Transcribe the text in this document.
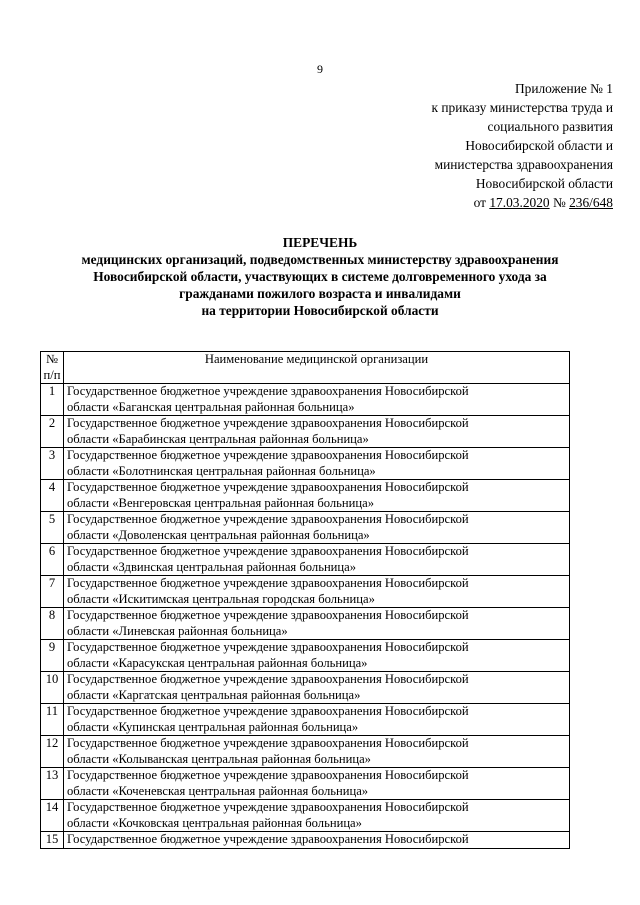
9
Приложение № 1
к приказу министерства труда и
социального развития
Новосибирской области и
министерства здравоохранения
Новосибирской области
от 17.03.2020 № 236/648
ПЕРЕЧЕНЬ
медицинских организаций, подведомственных министерству здравоохранения
Новосибирской области, участвующих в системе долговременного ухода за
гражданами пожилого возраста и инвалидами
на территории Новосибирской области
№
п/п	Наименование медицинской организации
1	Государственное бюджетное учреждение здравоохранения Новосибирской
области «Баганская центральная районная больница»

2	Государственное бюджетное учреждение здравоохранения Новосибирской
области «Барабинская центральная районная больница»

3	Государственное бюджетное учреждение здравоохранения Новосибирской
области «Болотнинская центральная районная больница»

4	Государственное бюджетное учреждение здравоохранения Новосибирской
области «Венгеровская центральная районная больница»

5	Государственное бюджетное учреждение здравоохранения Новосибирской
области «Доволенская центральная районная больница»

6	Государственное бюджетное учреждение здравоохранения Новосибирской
области «Здвинская центральная районная больница»

7	Государственное бюджетное учреждение здравоохранения Новосибирской
области «Искитимская центральная городская больница»

8	Государственное бюджетное учреждение здравоохранения Новосибирской
области «Линевская районная больница»

9	Государственное бюджетное учреждение здравоохранения Новосибирской
области «Карасукская центральная районная больница»

10	Государственное бюджетное учреждение здравоохранения Новосибирской
области «Каргатская центральная районная больница»

11	Государственное бюджетное учреждение здравоохранения Новосибирской
области «Купинская центральная районная больница»

12	Государственное бюджетное учреждение здравоохранения Новосибирской
области «Колыванская центральная районная больница»

13	Государственное бюджетное учреждение здравоохранения Новосибирской
области «Коченевская центральная районная больница»

14	Государственное бюджетное учреждение здравоохранения Новосибирской
области «Кочковская центральная районная больница»

15	Государственное бюджетное учреждение здравоохранения Новосибирской
